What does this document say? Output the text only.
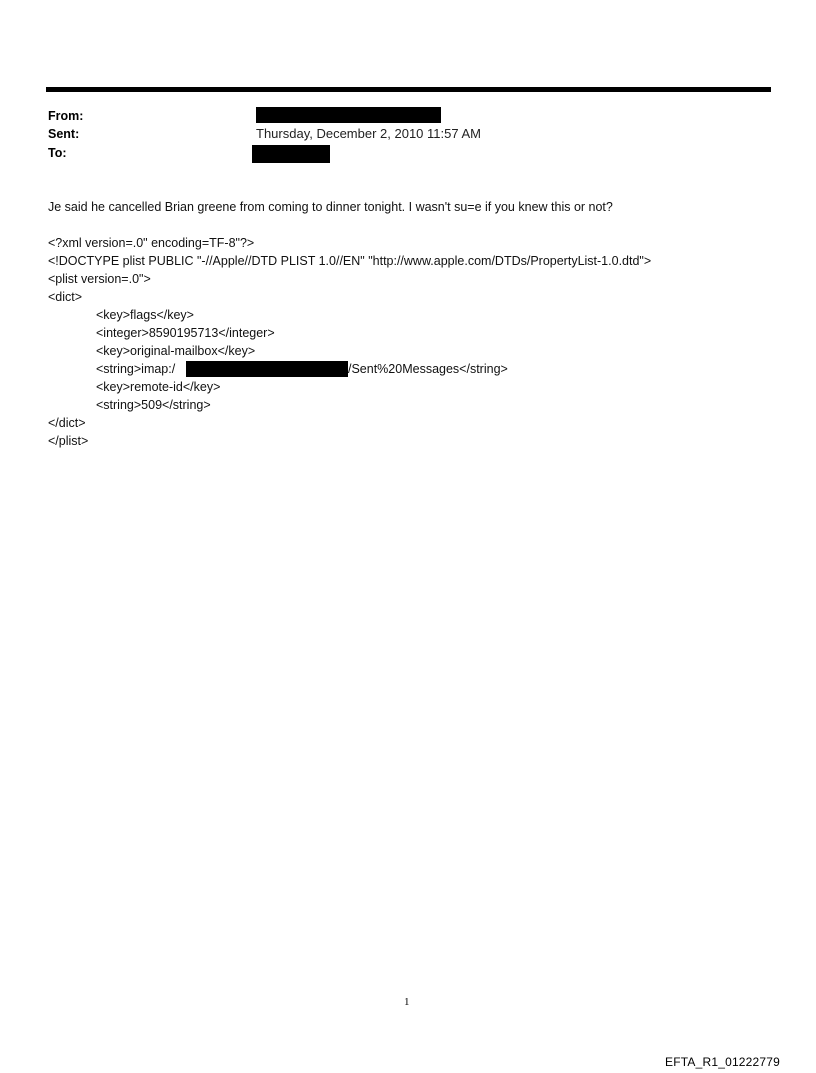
From:
Sent:
To:
Thursday, December 2, 2010 11:57 AM
Je said he cancelled Brian greene from coming to dinner tonight. I wasn't su=e if you knew this or not?
<?xml version=.0" encoding=TF-8"?>
<!DOCTYPE plist PUBLIC "-//Apple//DTD PLIST 1.0//EN" "http://www.apple.com/DTDs/PropertyList-1.0.dtd">
<plist version=.0">
<dict>
<key>flags</key>
<integer>8590195713</integer>
<key>original-mailbox</key>
<string>imap:/	/Sent%20Messages</string>
<key>remote-id</key>
<string>509</string>
</dict>
</plist>
1
EFTA_R1_01222779
